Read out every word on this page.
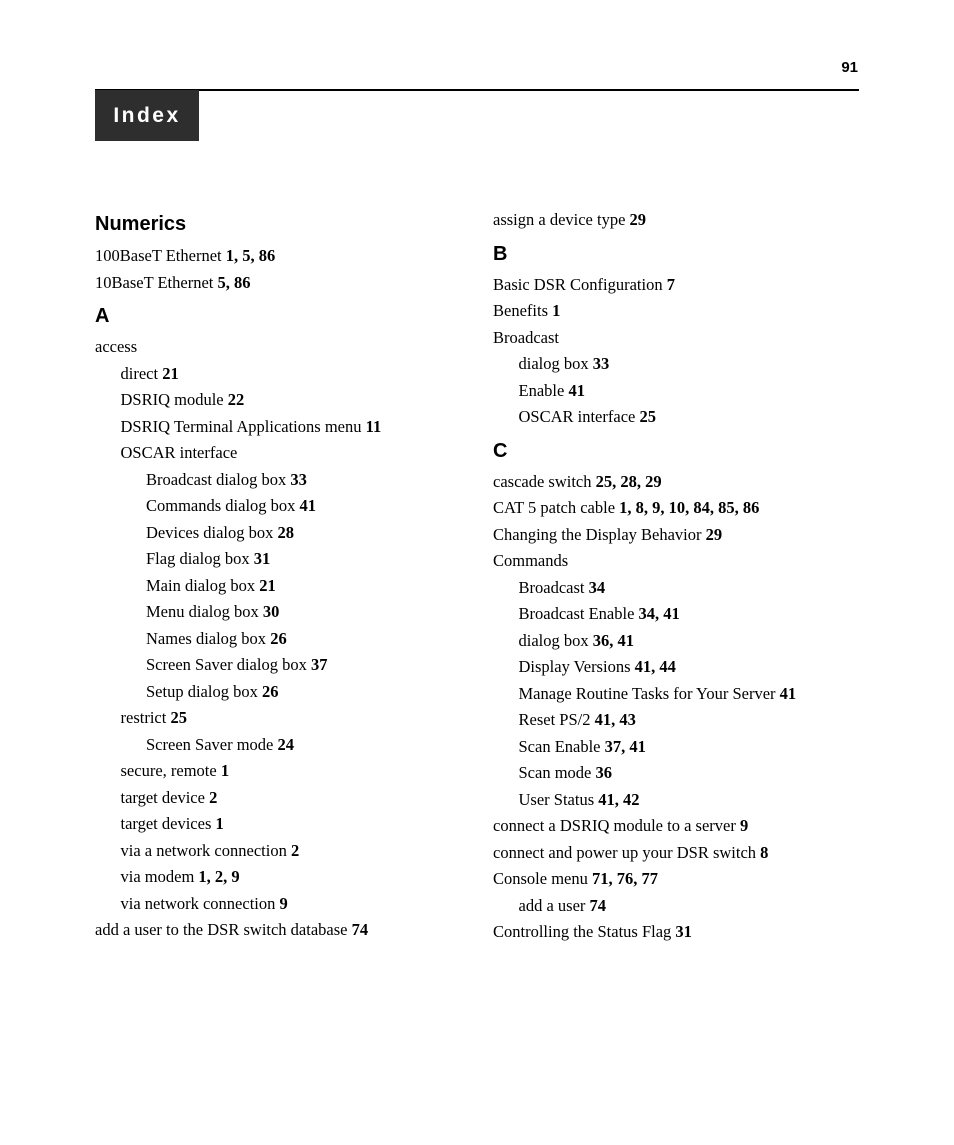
91
Index
Numerics
100BaseT Ethernet 1, 5, 86
10BaseT Ethernet 5, 86
A
access
direct 21
DSRIQ module 22
DSRIQ Terminal Applications menu 11
OSCAR interface
Broadcast dialog box 33
Commands dialog box 41
Devices dialog box 28
Flag dialog box 31
Main dialog box 21
Menu dialog box 30
Names dialog box 26
Screen Saver dialog box 37
Setup dialog box 26
restrict 25
Screen Saver mode 24
secure, remote 1
target device 2
target devices 1
via a network connection 2
via modem 1, 2, 9
via network connection 9
add a user to the DSR switch database 74
assign a device type 29
B
Basic DSR Configuration 7
Benefits 1
Broadcast
dialog box 33
Enable 41
OSCAR interface 25
C
cascade switch 25, 28, 29
CAT 5 patch cable 1, 8, 9, 10, 84, 85, 86
Changing the Display Behavior 29
Commands
Broadcast 34
Broadcast Enable 34, 41
dialog box 36, 41
Display Versions 41, 44
Manage Routine Tasks for Your Server 41
Reset PS/2 41, 43
Scan Enable 37, 41
Scan mode 36
User Status 41, 42
connect a DSRIQ module to a server 9
connect and power up your DSR switch 8
Console menu 71, 76, 77
add a user 74
Controlling the Status Flag 31
